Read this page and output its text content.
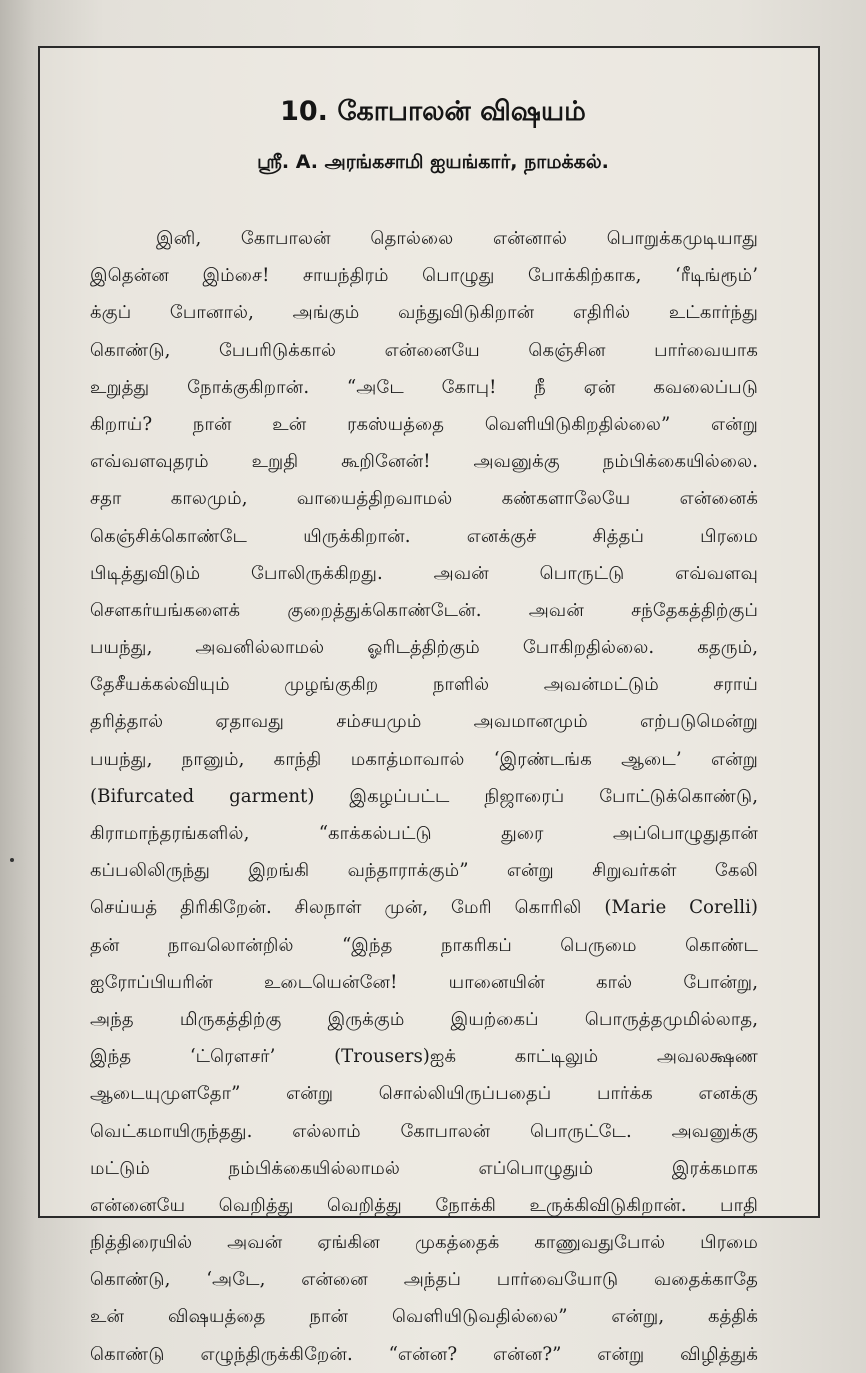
10. கோபாலன் விஷயம்
ஸ்ரீ. A. அரங்கசாமி ஐயங்கார், நாமக்கல்.
இனி, கோபாலன் தொல்லை என்னால் பொறுக்கமுடியாது
இதென்ன இம்சை! சாயந்திரம் பொழுது போக்கிற்காக, ‘ரீடிங்ரூம்’
க்குப் போனால், அங்கும் வந்துவிடுகிறான் எதிரில் உட்கார்ந்து
கொண்டு, பேபரிடுக்கால் என்னையே கெஞ்சின பார்வையாக
உறுத்து நோக்குகிறான். “அடே கோபு! நீ ஏன் கவலைப்படு
கிறாய்? நான் உன் ரகஸ்யத்தை வெளியிடுகிறதில்லை” என்று
எவ்வளவுதரம் உறுதி கூறினேன்! அவனுக்கு நம்பிக்கையில்லை.
சதா காலமும், வாயைத்திறவாமல் கண்களாலேயே என்னைக்
கெஞ்சிக்கொண்டே யிருக்கிறான். எனக்குச் சித்தப் பிரமை
பிடித்துவிடும் போலிருக்கிறது. அவன் பொருட்டு எவ்வளவு
சௌகர்யங்களைக் குறைத்துக்கொண்டேன். அவன் சந்தேகத்திற்குப்
பயந்து, அவனில்லாமல் ஓரிடத்திற்கும் போகிறதில்லை. கதரும்,
தேசீயக்கல்வியும் முழங்குகிற நாளில் அவன்மட்டும் சராய்
தரித்தால் ஏதாவது சம்சயமும் அவமானமும் எற்படுமென்று
பயந்து, நானும், காந்தி மகாத்மாவால் ‘இரண்டங்க ஆடை’ என்று
(Bifurcated garment) இகழப்பட்ட நிஜாரைப் போட்டுக்கொண்டு,
கிராமாந்தரங்களில், “காக்கல்பட்டு துரை அப்பொழுதுதான்
கப்பலிலிருந்து இறங்கி வந்தாராக்கும்” என்று சிறுவர்கள் கேலி
செய்யத் திரிகிறேன். சிலநாள் முன், மேரி கொரிலி (Marie Corelli)
தன் நாவலொன்றில் “இந்த நாகரிகப் பெருமை கொண்ட
ஐரோப்பியரின் உடையென்னே! யானையின் கால் போன்று,
அந்த மிருகத்திற்கு இருக்கும் இயற்கைப் பொருத்தமுமில்லாத,
இந்த ‘ட்ரௌசர்’ (Trousers)ஐக் காட்டிலும் அவலக்ஷண
ஆடையுமுளதோ” என்று சொல்லியிருப்பதைப் பார்க்க எனக்கு
வெட்கமாயிருந்தது. எல்லாம் கோபாலன் பொருட்டே. அவனுக்கு
மட்டும் நம்பிக்கையில்லாமல் எப்பொழுதும் இரக்கமாக
என்னையே வெறித்து வெறித்து நோக்கி உருக்கிவிடுகிறான். பாதி
நித்திரையில் அவன் ஏங்கின முகத்தைக் காணுவதுபோல் பிரமை
கொண்டு, ‘அடே, என்னை அந்தப் பார்வையோடு வதைக்காதே
உன் விஷயத்தை நான் வெளியிடுவதில்லை” என்று, கத்திக்
கொண்டு எழுந்திருக்கிறேன். “என்ன? என்ன?” என்று விழித்துக்
